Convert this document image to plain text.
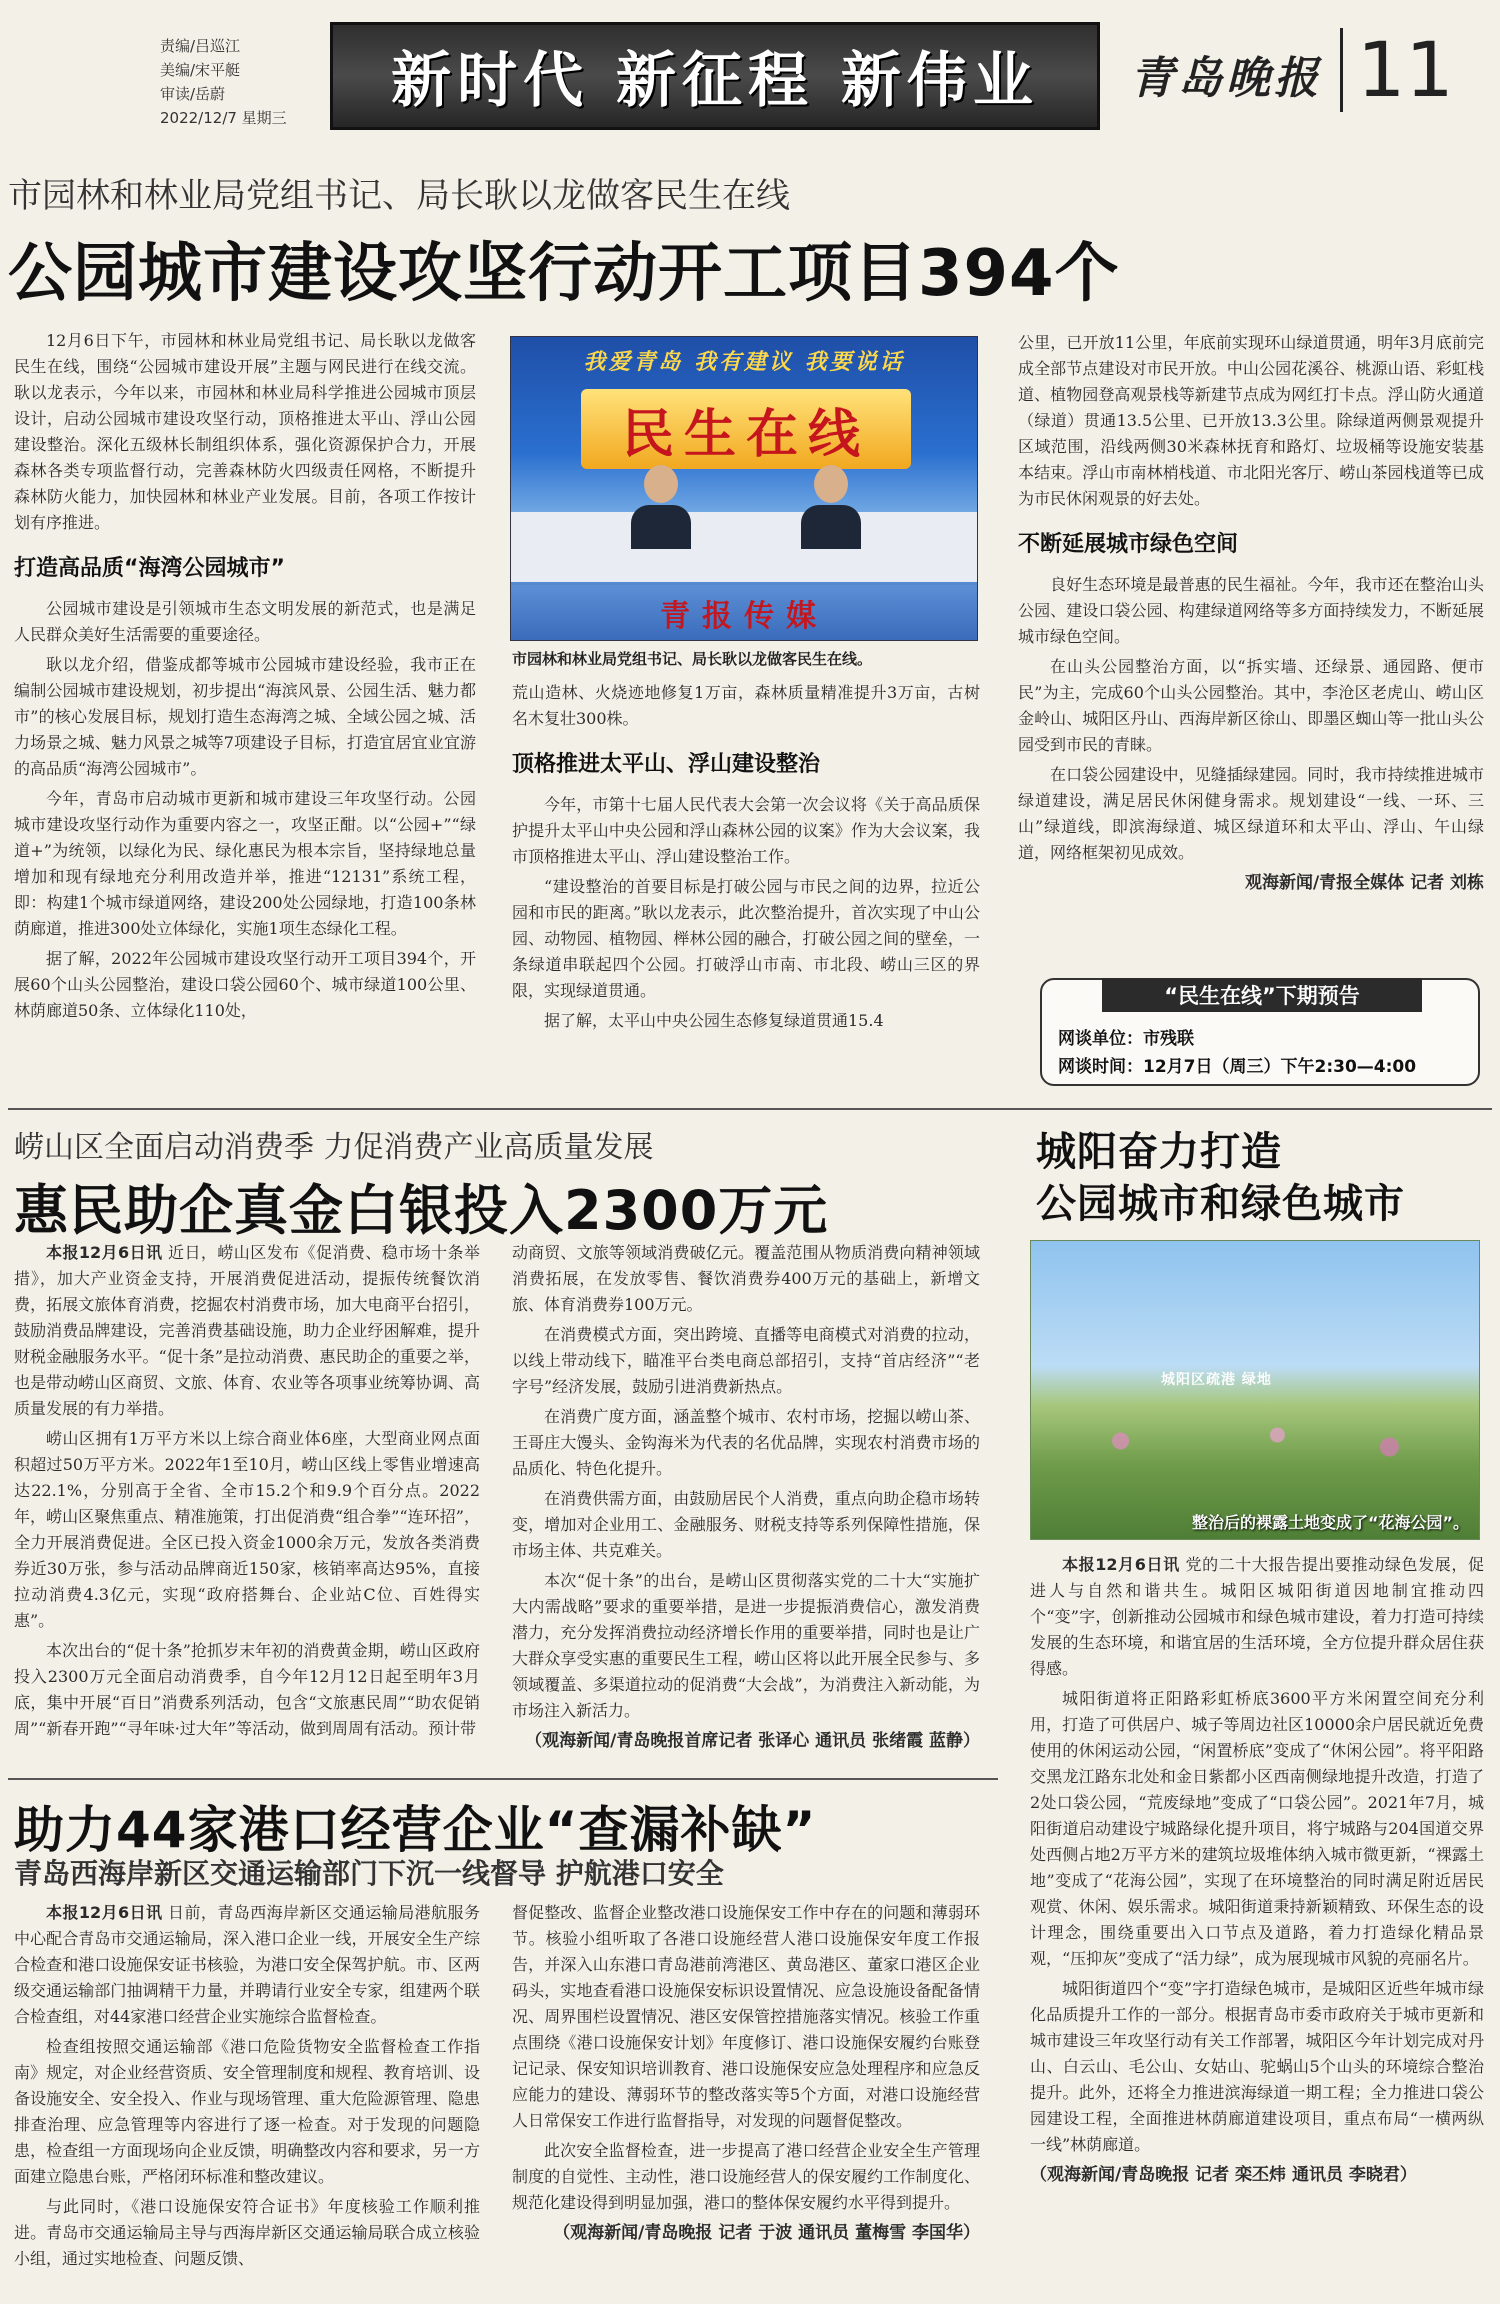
责编/吕巡江
美编/宋平艇
审读/岳蔚
2022/12/7 星期三
新时代 新征程 新伟业 青岛晚报 11
市园林和林业局党组书记、局长耿以龙做客民生在线
公园城市建设攻坚行动开工项目394个

12月6日下午，市园林和林业局党组书记、局长耿以龙做客民生在线，围绕“公园城市建设开展”主题与网民进行在线交流。耿以龙表示，今年以来，市园林和林业局科学推进公园城市顶层设计，启动公园城市建设攻坚行动，顶格推进太平山、浮山公园建设整治。深化五级林长制组织体系，强化资源保护合力，开展森林各类专项监督行动，完善森林防火四级责任网格，不断提升森林防火能力，加快园林和林业产业发展。目前，各项工作按计划有序推进。

打造高品质“海湾公园城市”

公园城市建设是引领城市生态文明发展的新范式，也是满足人民群众美好生活需要的重要途径。

耿以龙介绍，借鉴成都等城市公园城市建设经验，我市正在编制公园城市建设规划，初步提出“海滨风景、公园生活、魅力都市”的核心发展目标，规划打造生态海湾之城、全域公园之城、活力场景之城、魅力风景之城等7项建设子目标，打造宜居宜业宜游的高品质“海湾公园城市”。

今年，青岛市启动城市更新和城市建设三年攻坚行动。公园城市建设攻坚行动作为重要内容之一，攻坚正酣。以“公园+”“绿道+”为统领，以绿化为民、绿化惠民为根本宗旨，坚持绿地总量增加和现有绿地充分利用改造并举，推进“12131”系统工程，即：构建1个城市绿道网络，建设200处公园绿地，打造100条林荫廊道，推进300处立体绿化，实施1项生态绿化工程。

据了解，2022年公园城市建设攻坚行动开工项目394个，开展60个山头公园整治，建设口袋公园60个、城市绿道100公里、林荫廊道50条、立体绿化110处，

我爱青岛 我有建议 我要说话
民生在线
青报传媒
市园林和林业局党组书记、局长耿以龙做客民生在线。

荒山造林、火烧迹地修复1万亩，森林质量精准提升3万亩，古树名木复壮300株。

顶格推进太平山、浮山建设整治

今年，市第十七届人民代表大会第一次会议将《关于高品质保护提升太平山中央公园和浮山森林公园的议案》作为大会议案，我市顶格推进太平山、浮山建设整治工作。

“建设整治的首要目标是打破公园与市民之间的边界，拉近公园和市民的距离。”耿以龙表示，此次整治提升，首次实现了中山公园、动物园、植物园、榉林公园的融合，打破公园之间的壁垒，一条绿道串联起四个公园。打破浮山市南、市北段、崂山三区的界限，实现绿道贯通。

据了解，太平山中央公园生态修复绿道贯通15.4

公里，已开放11公里，年底前实现环山绿道贯通，明年3月底前完成全部节点建设对市民开放。中山公园花溪谷、桃源山语、彩虹栈道、植物园登高观景栈等新建节点成为网红打卡点。浮山防火通道（绿道）贯通13.5公里、已开放13.3公里。除绿道两侧景观提升区域范围，沿线两侧30米森林抚育和路灯、垃圾桶等设施安装基本结束。浮山市南林梢栈道、市北阳光客厅、崂山茶园栈道等已成为市民休闲观景的好去处。

不断延展城市绿色空间

良好生态环境是最普惠的民生福祉。今年，我市还在整治山头公园、建设口袋公园、构建绿道网络等多方面持续发力，不断延展城市绿色空间。

在山头公园整治方面，以“拆实墙、还绿景、通园路、便市民”为主，完成60个山头公园整治。其中，李沧区老虎山、崂山区金岭山、城阳区丹山、西海岸新区徐山、即墨区蜘山等一批山头公园受到市民的青睐。

在口袋公园建设中，见缝插绿建园。同时，我市持续推进城市绿道建设，满足居民休闲健身需求。规划建设“一线、一环、三山”绿道线，即滨海绿道、城区绿道环和太平山、浮山、午山绿道，网络框架初见成效。

观海新闻/青报全媒体 记者 刘栋

“民生在线”下期预告
网谈单位：市残联
网谈时间：12月7日（周三）下午2:30—4:00
崂山区全面启动消费季 力促消费产业高质量发展
惠民助企真金白银投入2300万元

本报12月6日讯 近日，崂山区发布《促消费、稳市场十条举措》，加大产业资金支持，开展消费促进活动，提振传统餐饮消费，拓展文旅体育消费，挖掘农村消费市场，加大电商平台招引，鼓励消费品牌建设，完善消费基础设施，助力企业纾困解难，提升财税金融服务水平。“促十条”是拉动消费、惠民助企的重要之举，也是带动崂山区商贸、文旅、体育、农业等各项事业统筹协调、高质量发展的有力举措。

崂山区拥有1万平方米以上综合商业体6座，大型商业网点面积超过50万平方米。2022年1至10月，崂山区线上零售业增速高达22.1%，分别高于全省、全市15.2个和9.9个百分点。2022年，崂山区聚焦重点、精准施策，打出促消费“组合拳”“连环招”，全力开展消费促进。全区已投入资金1000余万元，发放各类消费券近30万张，参与活动品牌商近150家，核销率高达95%，直接拉动消费4.3亿元，实现“政府搭舞台、企业站C位、百姓得实惠”。

本次出台的“促十条”抢抓岁末年初的消费黄金期，崂山区政府投入2300万元全面启动消费季，自今年12月12日起至明年3月底，集中开展“百日”消费系列活动，包含“文旅惠民周”“助农促销周”“新春开跑”“寻年味·过大年”等活动，做到周周有活动。预计带

动商贸、文旅等领域消费破亿元。覆盖范围从物质消费向精神领域消费拓展，在发放零售、餐饮消费券400万元的基础上，新增文旅、体育消费券100万元。

在消费模式方面，突出跨境、直播等电商模式对消费的拉动，以线上带动线下，瞄准平台类电商总部招引，支持“首店经济”“老字号”经济发展，鼓励引进消费新热点。

在消费广度方面，涵盖整个城市、农村市场，挖掘以崂山茶、王哥庄大馒头、金钩海米为代表的名优品牌，实现农村消费市场的品质化、特色化提升。

在消费供需方面，由鼓励居民个人消费，重点向助企稳市场转变，增加对企业用工、金融服务、财税支持等系列保障性措施，保市场主体、共克难关。

本次“促十条”的出台，是崂山区贯彻落实党的二十大“实施扩大内需战略”要求的重要举措，是进一步提振消费信心，激发消费潜力，充分发挥消费拉动经济增长作用的重要举措，同时也是让广大群众享受实惠的重要民生工程，崂山区将以此开展全民参与、多领域覆盖、多渠道拉动的促消费“大会战”，为消费注入新动能，为市场注入新活力。

（观海新闻/青岛晚报首席记者 张译心 通讯员 张绪霞 蓝静）

城阳奋力打造
公园城市和绿色城市
城阳区疏港 绿地
整治后的裸露土地变成了“花海公园”。

本报12月6日讯 党的二十大报告提出要推动绿色发展，促进人与自然和谐共生。城阳区城阳街道因地制宜推动四个“变”字，创新推动公园城市和绿色城市建设，着力打造可持续发展的生态环境，和谐宜居的生活环境，全方位提升群众居住获得感。

城阳街道将正阳路彩虹桥底3600平方米闲置空间充分利用，打造了可供居户、城子等周边社区10000余户居民就近免费使用的休闲运动公园，“闲置桥底”变成了“休闲公园”。将平阳路交黑龙江路东北处和金日紫都小区西南侧绿地提升改造，打造了2处口袋公园，“荒废绿地”变成了“口袋公园”。2021年7月，城阳街道启动建设宁城路绿化提升项目，将宁城路与204国道交界处西侧占地2万平方米的建筑垃圾堆体纳入城市微更新，“裸露土地”变成了“花海公园”，实现了在环境整治的同时满足附近居民观赏、休闲、娱乐需求。城阳街道秉持新颖精致、环保生态的设计理念，围绕重要出入口节点及道路，着力打造绿化精品景观，“压抑灰”变成了“活力绿”，成为展现城市风貌的亮丽名片。

城阳街道四个“变”字打造绿色城市，是城阳区近些年城市绿化品质提升工作的一部分。根据青岛市委市政府关于城市更新和城市建设三年攻坚行动有关工作部署，城阳区今年计划完成对丹山、白云山、毛公山、女姑山、驼蜗山5个山头的环境综合整治提升。此外，还将全力推进滨海绿道一期工程；全力推进口袋公园建设工程，全面推进林荫廊道建设项目，重点布局“一横两纵一线”林荫廊道。

（观海新闻/青岛晚报 记者 栾丕炜 通讯员 李晓君）

助力44家港口经营企业“查漏补缺”
青岛西海岸新区交通运输部门下沉一线督导 护航港口安全

本报12月6日讯 日前，青岛西海岸新区交通运输局港航服务中心配合青岛市交通运输局，深入港口企业一线，开展安全生产综合检查和港口设施保安证书核验，为港口安全保驾护航。市、区两级交通运输部门抽调精干力量，并聘请行业安全专家，组建两个联合检查组，对44家港口经营企业实施综合监督检查。

检查组按照交通运输部《港口危险货物安全监督检查工作指南》规定，对企业经营资质、安全管理制度和规程、教育培训、设备设施安全、安全投入、作业与现场管理、重大危险源管理、隐患排查治理、应急管理等内容进行了逐一检查。对于发现的问题隐患，检查组一方面现场向企业反馈，明确整改内容和要求，另一方面建立隐患台账，严格闭环标准和整改建议。

与此同时，《港口设施保安符合证书》年度核验工作顺利推进。青岛市交通运输局主导与西海岸新区交通运输局联合成立核验小组，通过实地检查、问题反馈、

督促整改、监督企业整改港口设施保安工作中存在的问题和薄弱环节。核验小组听取了各港口设施经营人港口设施保安年度工作报告，并深入山东港口青岛港前湾港区、黄岛港区、董家口港区企业码头，实地查看港口设施保安标识设置情况、应急设施设备配备情况、周界围栏设置情况、港区安保管控措施落实情况。核验工作重点围绕《港口设施保安计划》年度修订、港口设施保安履约台账登记记录、保安知识培训教育、港口设施保安应急处理程序和应急反应能力的建设、薄弱环节的整改落实等5个方面，对港口设施经营人日常保安工作进行监督指导，对发现的问题督促整改。

此次安全监督检查，进一步提高了港口经营企业安全生产管理制度的自觉性、主动性，港口设施经营人的保安履约工作制度化、规范化建设得到明显加强，港口的整体保安履约水平得到提升。

（观海新闻/青岛晚报 记者 于波 通讯员 董梅雪 李国华）
